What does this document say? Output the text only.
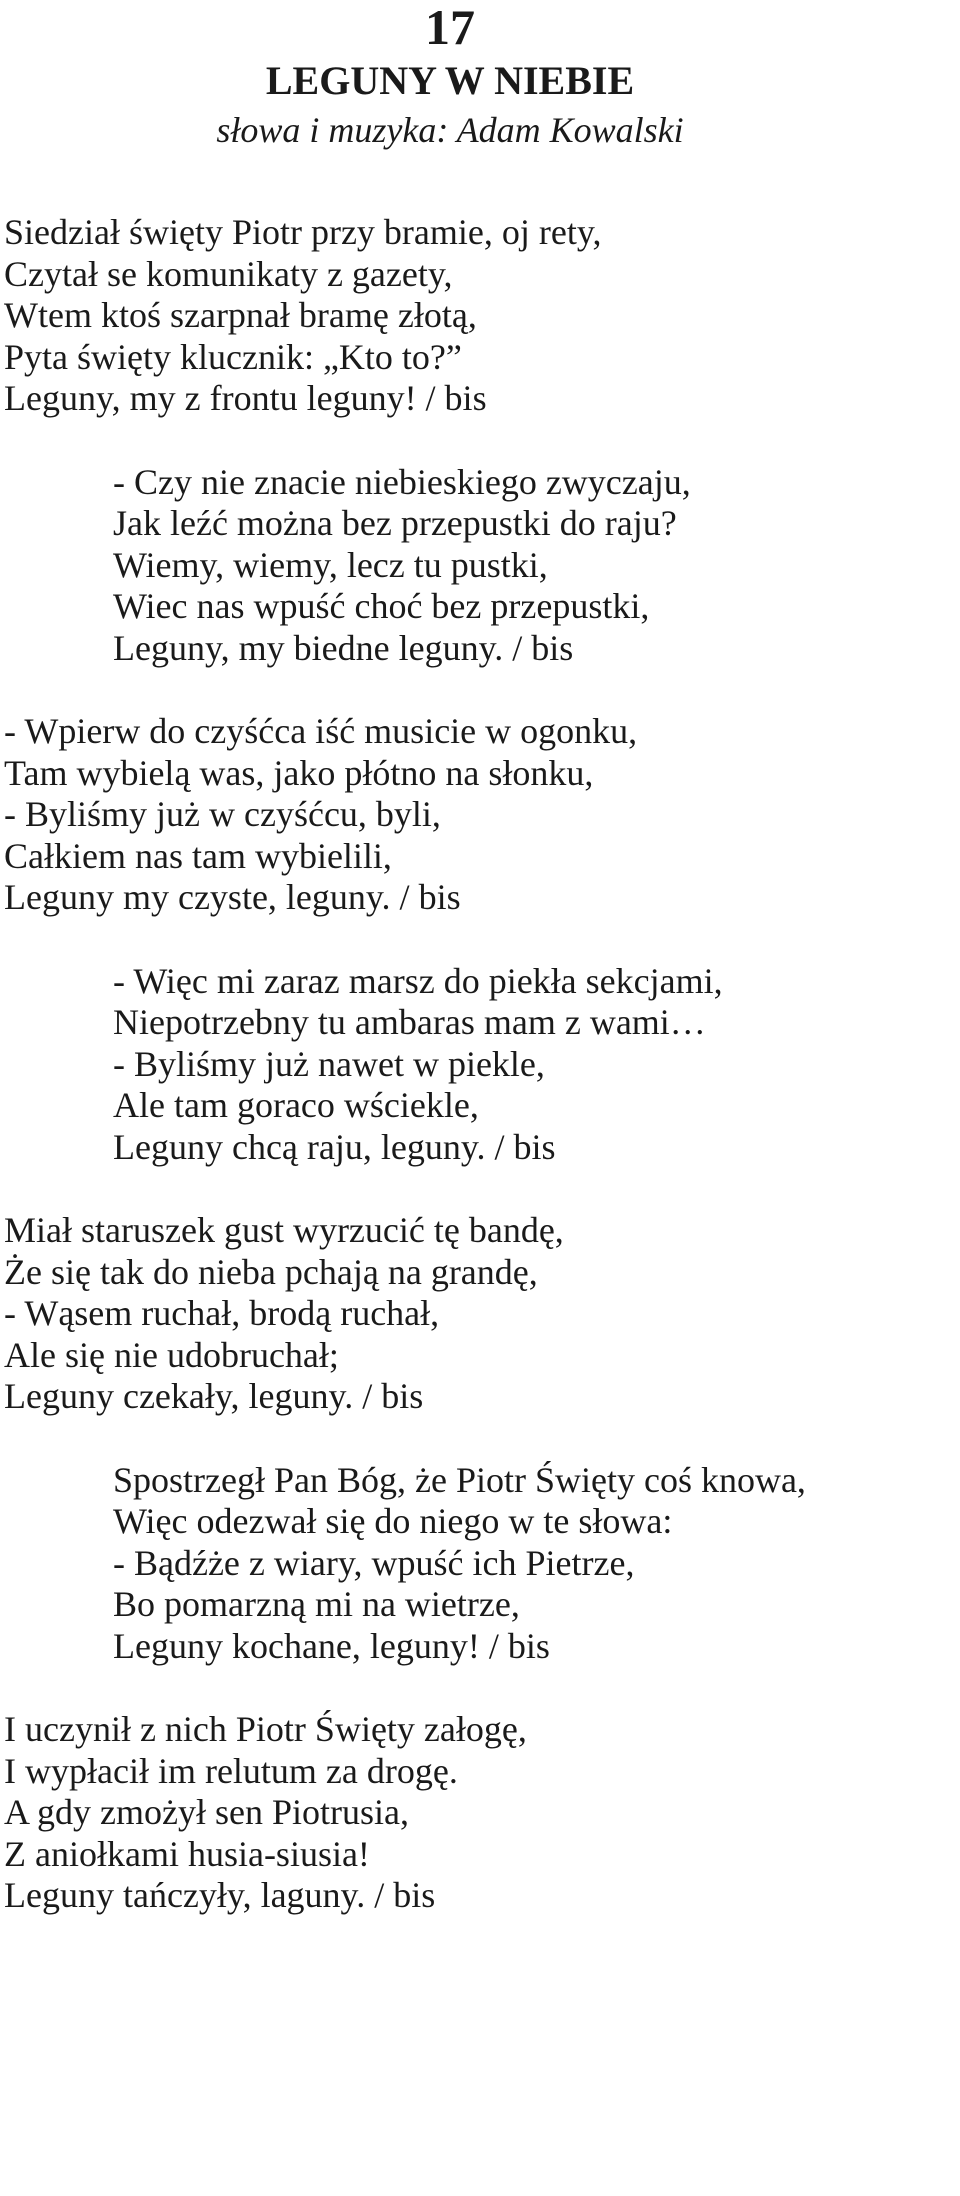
17
LEGUNY W NIEBIE

słowa i muzyka: Adam Kowalski

Siedział święty Piotr przy bramie, oj rety,
Czytał se komunikaty z gazety,
Wtem ktoś szarpnał bramę złotą,
Pyta święty klucznik: „Kto to?”
Leguny, my z frontu leguny! / bis
- Czy nie znacie niebieskiego zwyczaju,
Jak leźć można bez przepustki do raju?
Wiemy, wiemy, lecz tu pustki,
Wiec nas wpuść choć bez przepustki,
Leguny, my biedne leguny. / bis
- Wpierw do czyśćca iść musicie w ogonku,
Tam wybielą was, jako płótno na słonku,
- Byliśmy już w czyśćcu, byli,
Całkiem nas tam wybielili,
Leguny my czyste, leguny. / bis
- Więc mi zaraz marsz do piekła sekcjami,
Niepotrzebny tu ambaras mam z wami…
- Byliśmy już nawet w piekle,
Ale tam goraco wściekle,
Leguny chcą raju, leguny. / bis
Miał staruszek gust wyrzucić tę bandę,
Że się tak do nieba pchają na grandę,
- Wąsem ruchał, brodą ruchał,
Ale się nie udobruchał;
Leguny czekały, leguny. / bis
Spostrzegł Pan Bóg, że Piotr Święty coś knowa,
Więc odezwał się do niego w te słowa:
- Bądźże z wiary, wpuść ich Pietrze,
Bo pomarzną mi na wietrze,
Leguny kochane, leguny! / bis
I uczynił z nich Piotr Święty załogę,
I wypłacił im relutum za drogę.
A gdy zmożył sen Piotrusia,
Z aniołkami husia-siusia!
Leguny tańczyły, laguny. / bis
